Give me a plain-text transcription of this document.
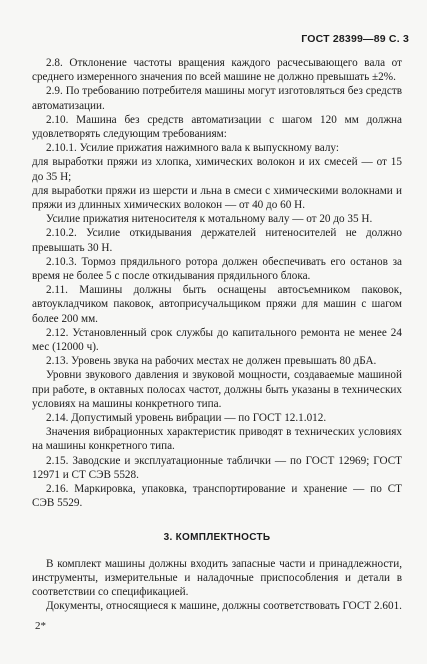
ГОСТ 28399—89 С. 3

2.8. Отклонение частоты вращения каждого расчесывающего вала от среднего измеренного значения по всей машине не должно превышать ±2%.

2.9. По требованию потребителя машины могут изготовляться без средств автоматизации.

2.10. Машина без средств автоматизации с шагом 120 мм должна удовлетворять следующим требованиям:

2.10.1. Усилие прижатия нажимного вала к выпускному валу:

для выработки пряжи из хлопка, химических волокон и их смесей — от 15 до 35 Н;

для выработки пряжи из шерсти и льна в смеси с химическими волокнами и пряжи из длинных химических волокон — от 40 до 60 Н.

Усилие прижатия нитеносителя к мотальному валу — от 20 до 35 Н.

2.10.2. Усилие откидывания держателей нитеносителей не должно превышать 30 Н.

2.10.3. Тормоз прядильного ротора должен обеспечивать его останов за время не более 5 с после откидывания прядильного блока.

2.11. Машины должны быть оснащены автосъемником паковок, автоукладчиком паковок, автоприсучальщиком пряжи для машин с шагом более 200 мм.

2.12. Установленный срок службы до капитального ремонта не менее 24 мес (12000 ч).

2.13. Уровень звука на рабочих местах не должен превышать 80 дБА.

Уровни звукового давления и звуковой мощности, создаваемые машиной при работе, в октавных полосах частот, должны быть указаны в технических условиях на машины конкретного типа.

2.14. Допустимый уровень вибрации — по ГОСТ 12.1.012.

Значения вибрационных характеристик приводят в технических условиях на машины конкретного типа.

2.15. Заводские и эксплуатационные таблички — по ГОСТ 12969; ГОСТ 12971 и СТ СЭВ 5528.

2.16. Маркировка, упаковка, транспортирование и хранение — по СТ СЭВ 5529.

3. КОМПЛЕКТНОСТЬ

В комплект машины должны входить запасные части и принадлежности, инструменты, измерительные и наладочные приспособления и детали в соответствии со спецификацией.

Документы, относящиеся к машине, должны соответствовать ГОСТ 2.601.

2*
